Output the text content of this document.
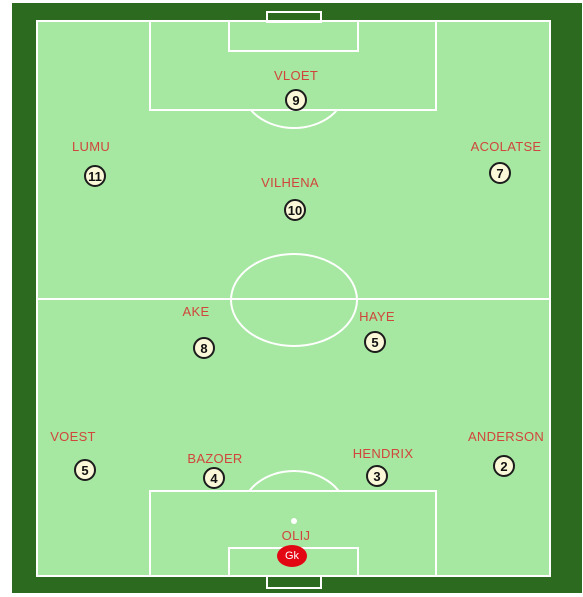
VLOET
9
LUMU
11
ACOLATSE
7
VILHENA
10
AKE
8
HAYE
5
VOEST
5
BAZOER
4
HENDRIX
3
ANDERSON
2
OLIJ
Gk
